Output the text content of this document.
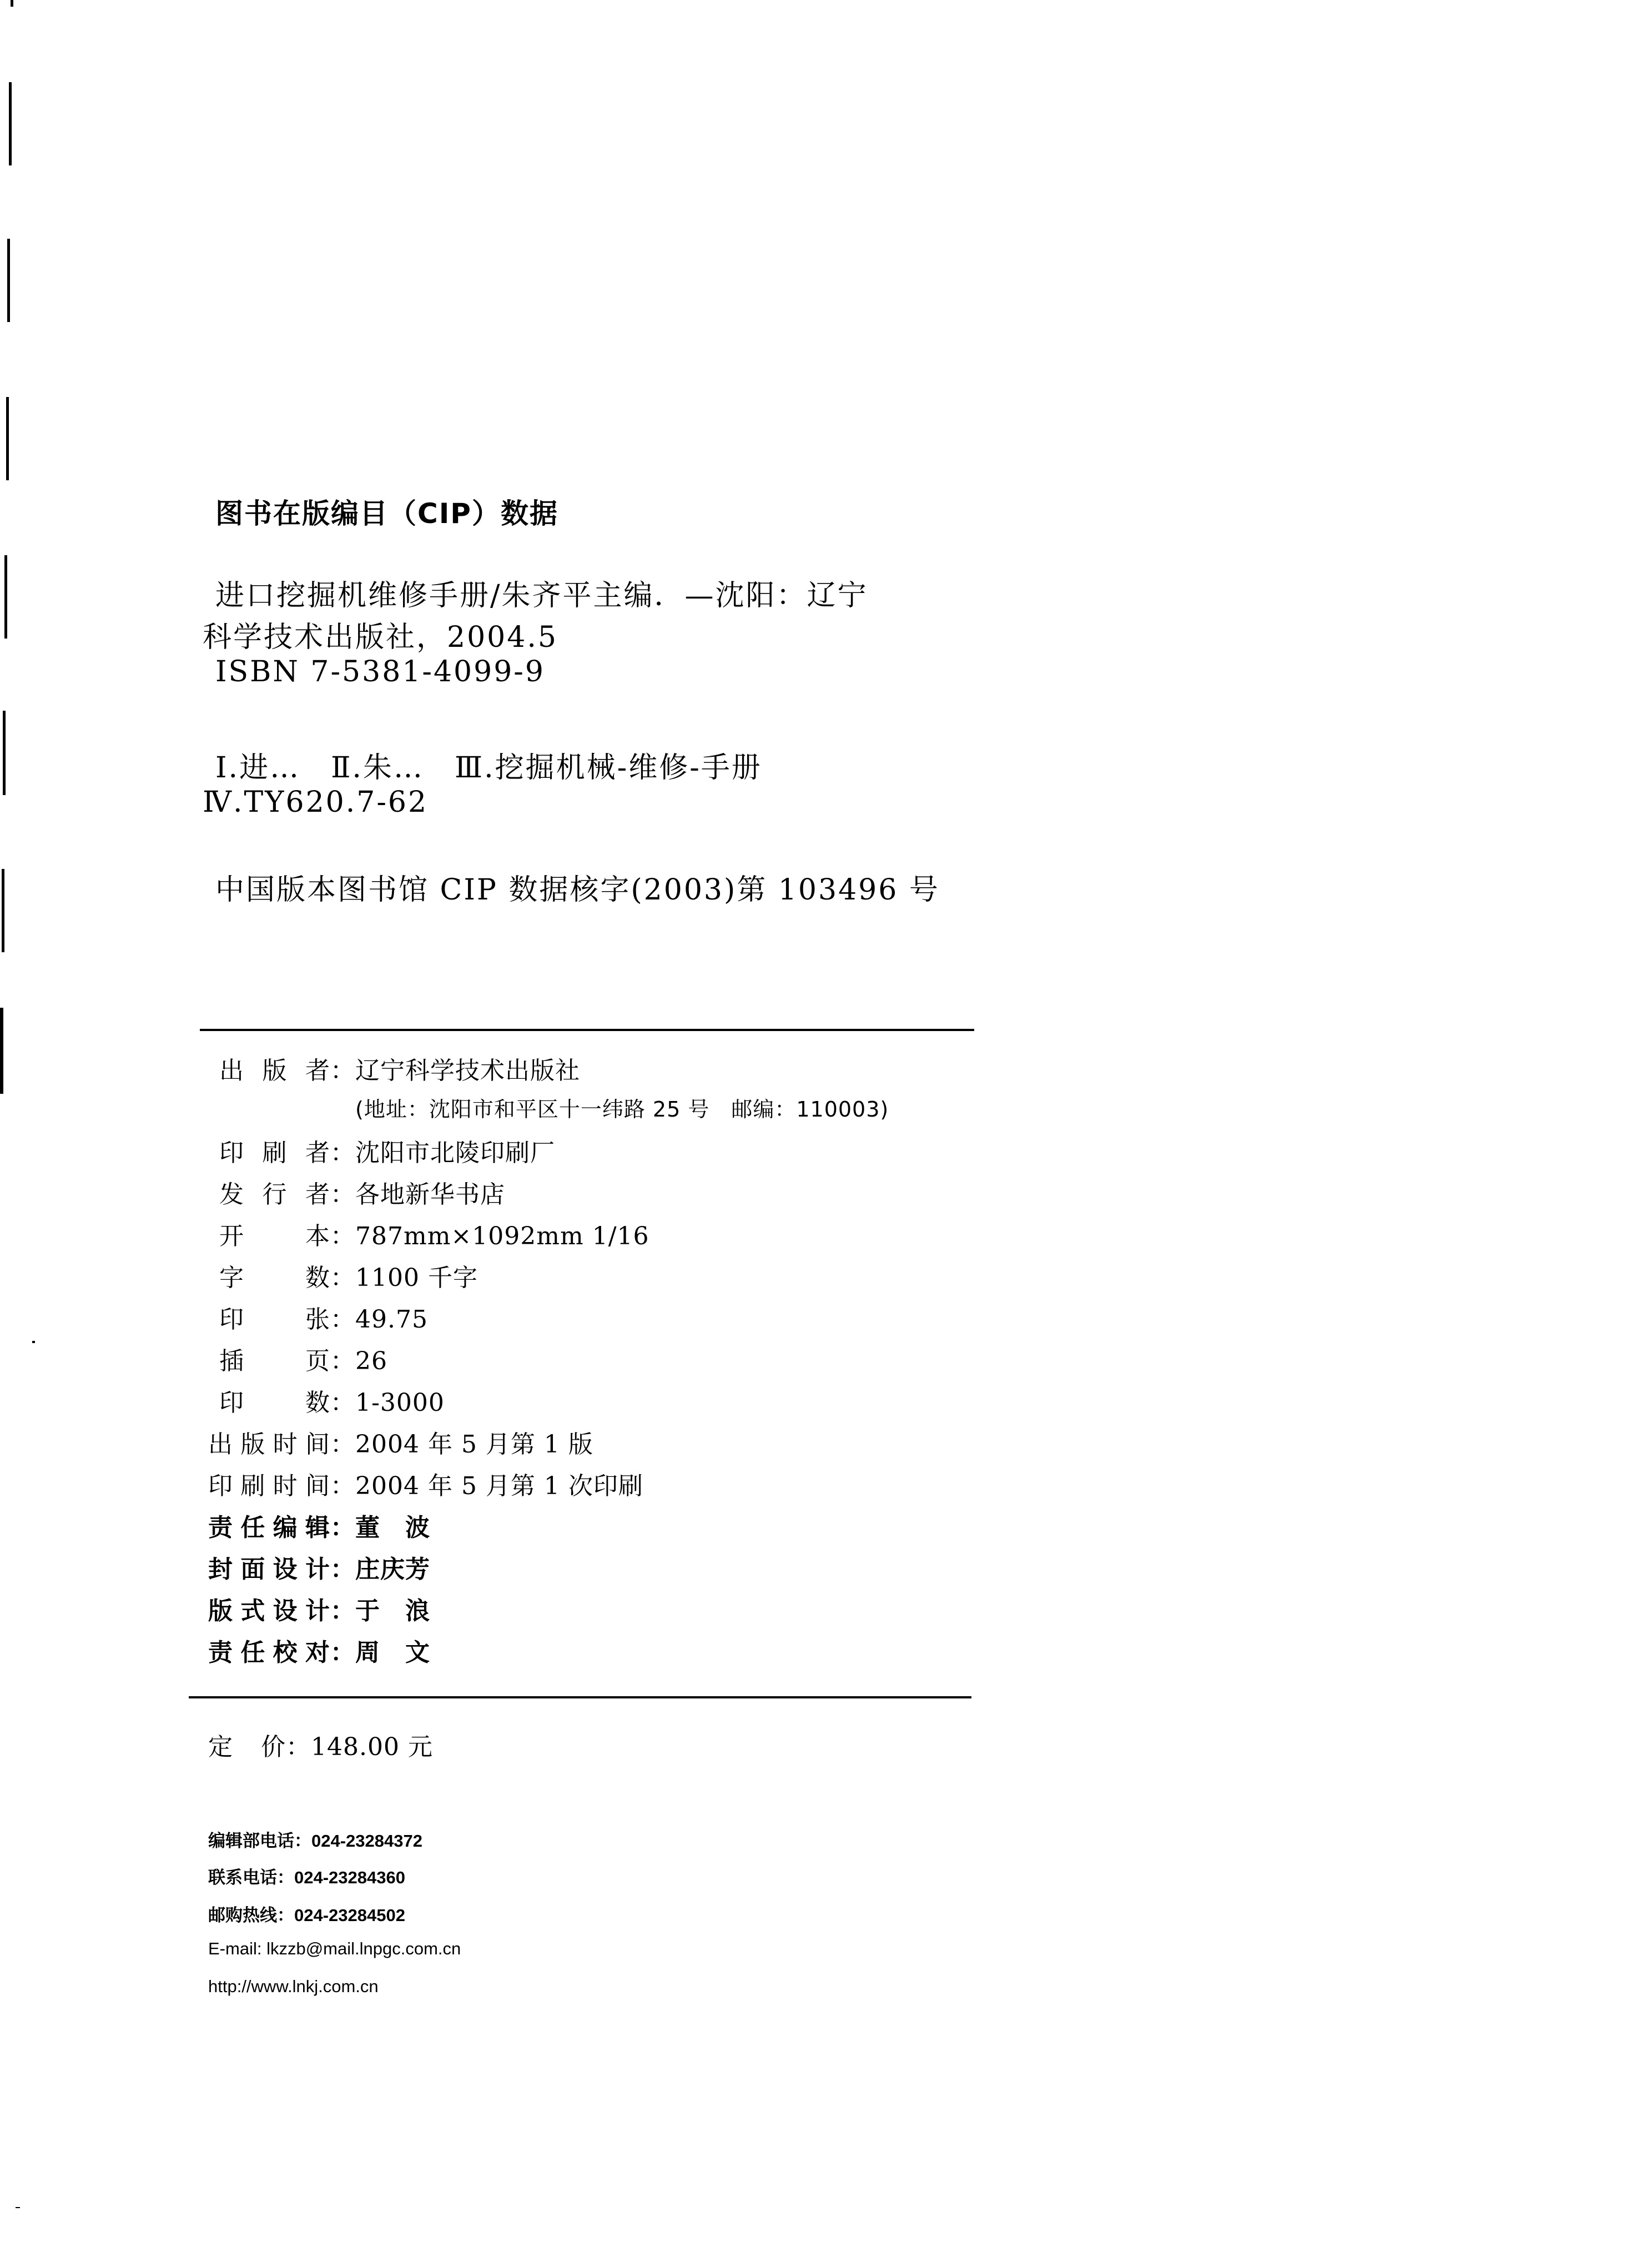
图书在版编目（CIP）数据
进口挖掘机维修手册/朱齐平主编．—沈阳：辽宁
科学技术出版社，2004.5
ISBN 7-5381-4099-9
Ⅰ.进…　Ⅱ.朱…　Ⅲ.挖掘机械-维修-手册
Ⅳ.TY620.7-62
中国版本图书馆 CIP 数据核字(2003)第 103496 号
出版者：辽宁科学技术出版社
(地址：沈阳市和平区十一纬路 25 号　邮编：110003)
印刷者：沈阳市北陵印刷厂
发行者：各地新华书店
开本：787mm×1092mm 1/16
字数：1100 千字
印张：49.75
插页：26
印数：1-3000
出版时间：2004 年 5 月第 1 版
印刷时间：2004 年 5 月第 1 次印刷
责任编辑：董　波
封面设计：庄庆芳
版式设计：于　浪
责任校对：周　文
定价：148.00 元
编辑部电话：024-23284372
联系电话：024-23284360
邮购热线：024-23284502
E-mail: lkzzb@mail.lnpgc.com.cn
http://www.lnkj.com.cn
